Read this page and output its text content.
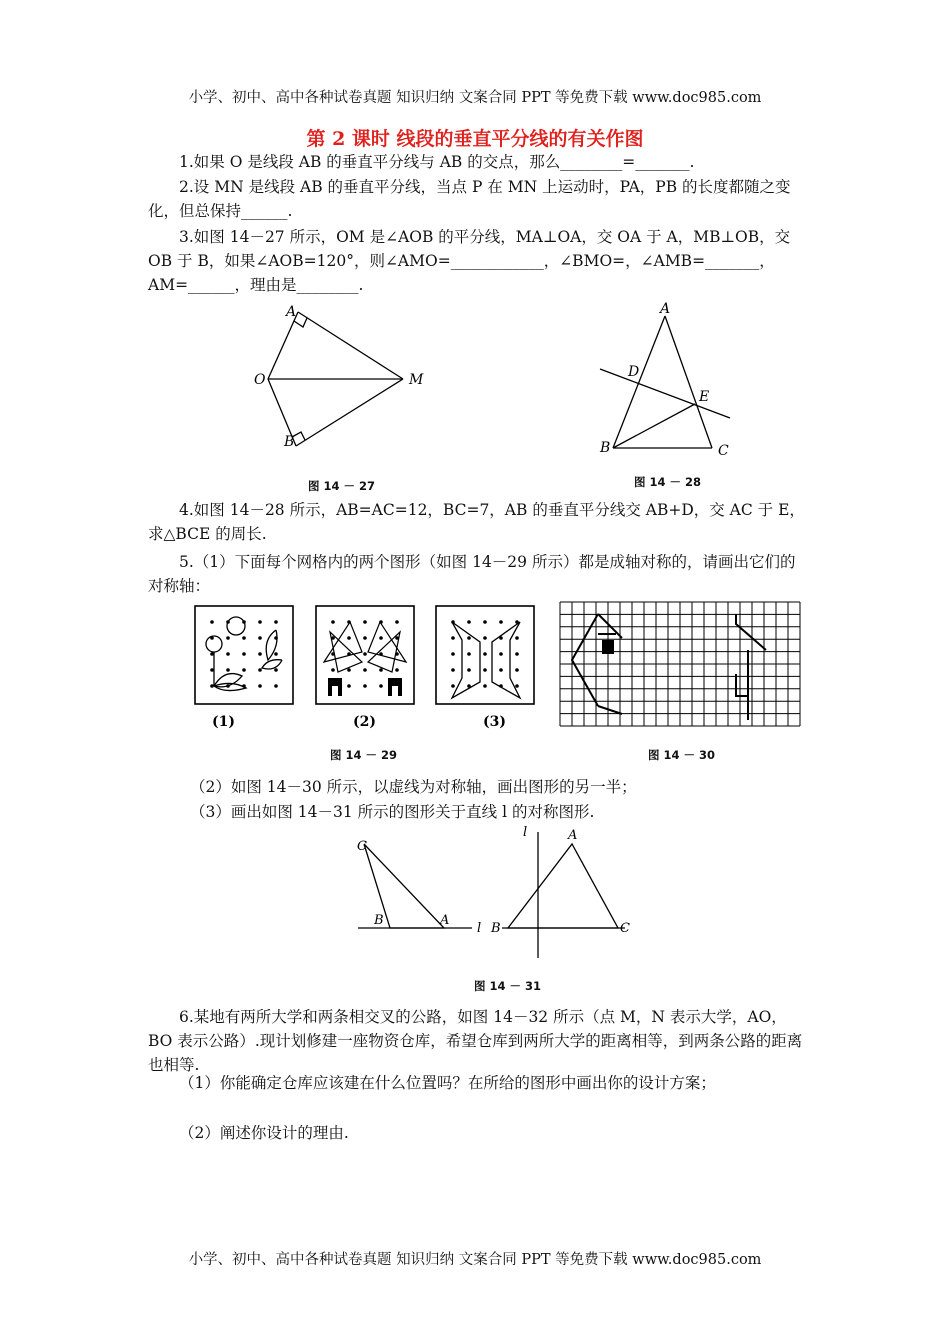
小学、初中、高中各种试卷真题 知识归纳 文案合同 PPT 等免费下载 www.doc985.com
第 2 课时 线段的垂直平分线的有关作图
1.如果 O 是线段 AB 的垂直平分线与 AB 的交点，那么________=_______.
2.设 MN 是线段 AB 的垂直平分线，当点 P 在 MN 上运动时，PA，PB 的长度都随之变化，但总保持______.
3.如图 14－27 所示，OM 是∠AOB 的平分线，MA⊥OA，交 OA 于 A，MB⊥OB，交 OB 于 B，如果∠AOB=120°，则∠AMO=____________，∠BMO=，∠AMB=_______，AM=______，理由是________.
A
O	M
B
图 14 － 27
A
D
E
B	C
图 14 － 28
4.如图 14－28 所示，AB=AC=12，BC=7，AB 的垂直平分线交 AB+D，交 AC 于 E，求△BCE 的周长.
5.（1）下面每个网格内的两个图形（如图 14－29 所示）都是成轴对称的，请画出它们的对称轴：
(1)	(2)	(3)
图 14 － 29	图 14 － 30
（2）如图 14－30 所示，以虚线为对称轴，画出图形的另一半；
（3）画出如图 14－31 所示的图形关于直线 l 的对称图形.
C
B	A
l
l	A
B	C
图 14 － 31
6.某地有两所大学和两条相交叉的公路，如图 14－32 所示（点 M，N 表示大学，AO，BO 表示公路）.现计划修建一座物资仓库，希望仓库到两所大学的距离相等，到两条公路的距离也相等.
（1）你能确定仓库应该建在什么位置吗？在所给的图形中画出你的设计方案；
（2）阐述你设计的理由.
小学、初中、高中各种试卷真题 知识归纳 文案合同 PPT 等免费下载 www.doc985.com
